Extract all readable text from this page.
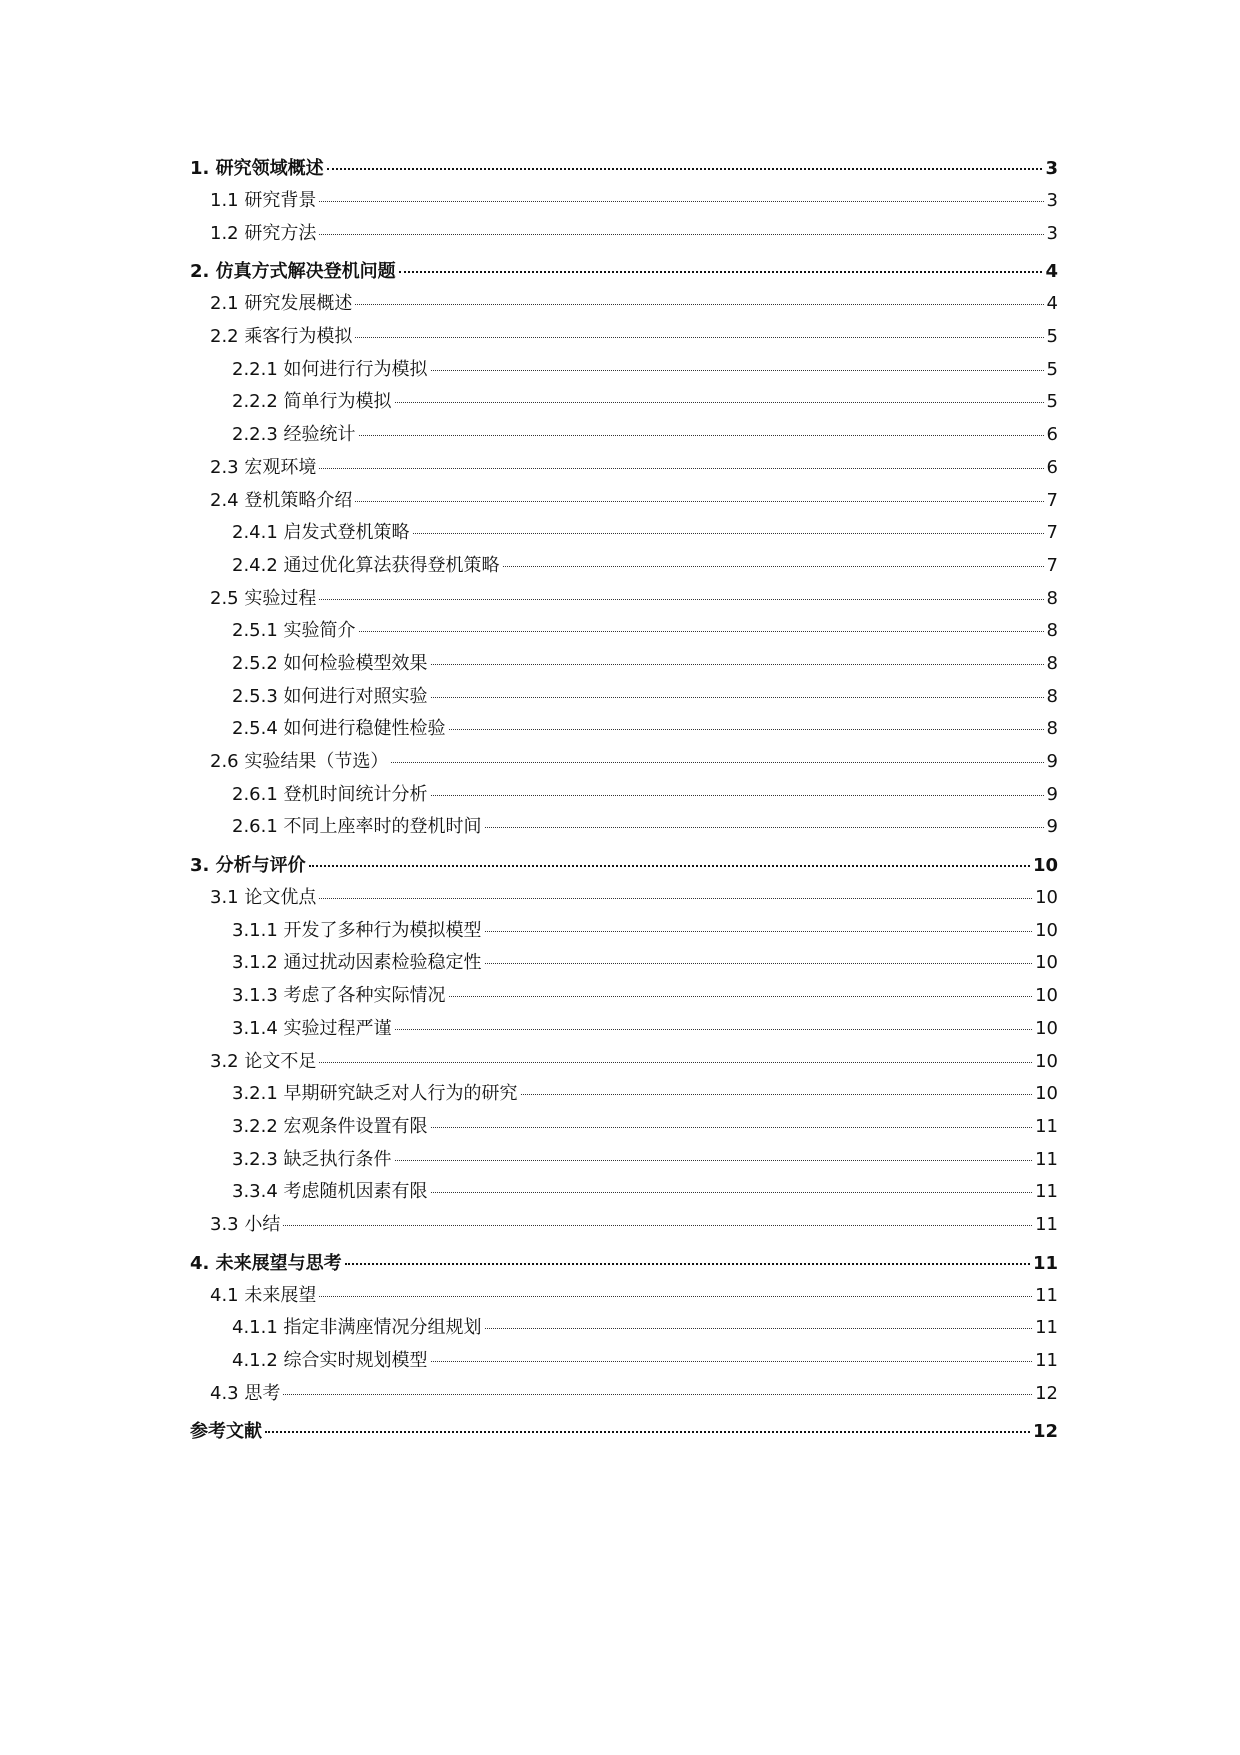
1. 研究领域概述	3
1.1 研究背景	3
1.2 研究方法	3
2. 仿真方式解决登机问题	4
2.1 研究发展概述	4
2.2 乘客行为模拟	5
2.2.1 如何进行行为模拟	5
2.2.2 简单行为模拟	5
2.2.3 经验统计	6
2.3 宏观环境	6
2.4 登机策略介绍	7
2.4.1 启发式登机策略	7
2.4.2 通过优化算法获得登机策略	7
2.5 实验过程	8
2.5.1 实验简介	8
2.5.2 如何检验模型效果	8
2.5.3 如何进行对照实验	8
2.5.4 如何进行稳健性检验	8
2.6 实验结果（节选）	9
2.6.1 登机时间统计分析	9
2.6.1 不同上座率时的登机时间	9
3. 分析与评价	10
3.1 论文优点	10
3.1.1 开发了多种行为模拟模型	10
3.1.2 通过扰动因素检验稳定性	10
3.1.3 考虑了各种实际情况	10
3.1.4 实验过程严谨	10
3.2 论文不足	10
3.2.1 早期研究缺乏对人行为的研究	10
3.2.2 宏观条件设置有限	11
3.2.3 缺乏执行条件	11
3.3.4 考虑随机因素有限	11
3.3 小结	11
4. 未来展望与思考	11
4.1 未来展望	11
4.1.1 指定非满座情况分组规划	11
4.1.2 综合实时规划模型	11
4.3 思考	12
参考文献	12
